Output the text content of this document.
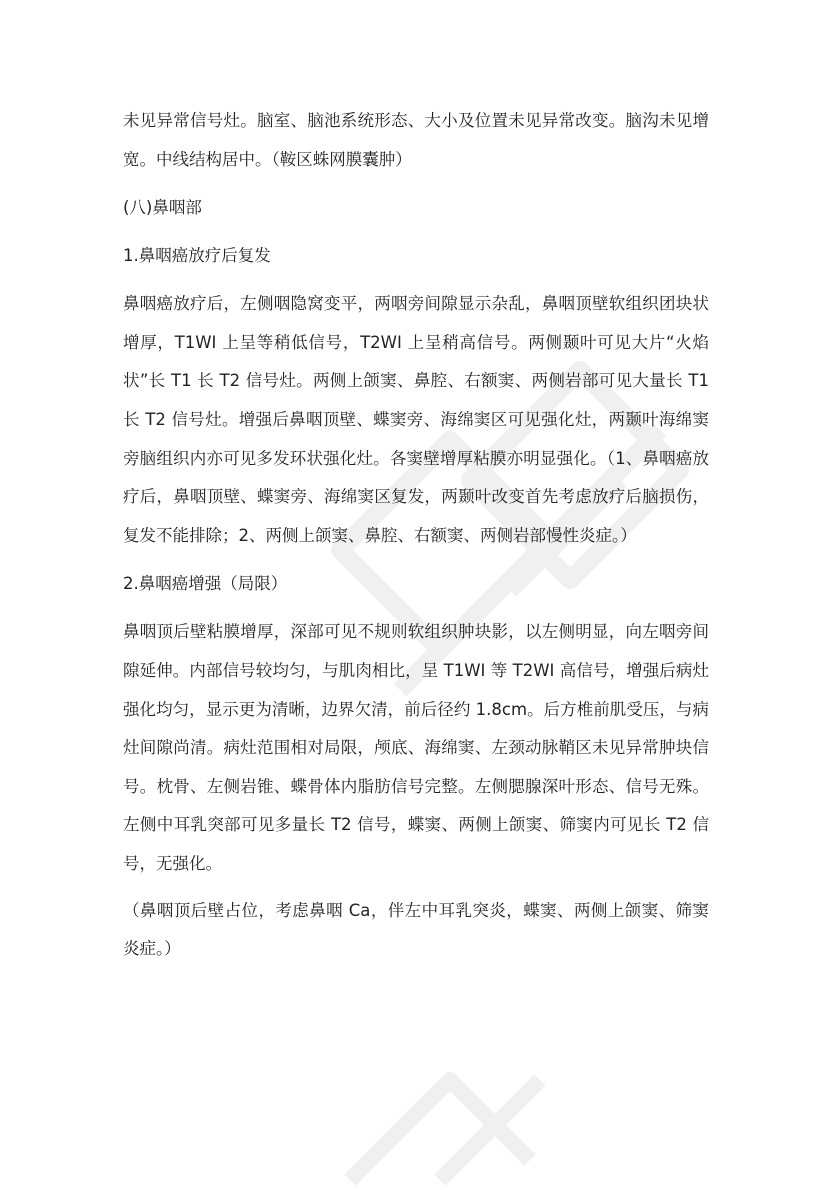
未见异常信号灶。脑室、脑池系统形态、大小及位置未见异常改变。脑沟未见增宽。中线结构居中。（鞍区蛛网膜囊肿）

(八)鼻咽部

1.鼻咽癌放疗后复发

鼻咽癌放疗后，左侧咽隐窝变平，两咽旁间隙显示杂乱，鼻咽顶壁软组织团块状增厚，T1WI 上呈等稍低信号，T2WI 上呈稍高信号。两侧颞叶可见大片“火焰状”长 T1 长 T2 信号灶。两侧上颌窦、鼻腔、右额窦、两侧岩部可见大量长 T1 长 T2 信号灶。增强后鼻咽顶壁、蝶窦旁、海绵窦区可见强化灶，两颞叶海绵窦旁脑组织内亦可见多发环状强化灶。各窦壁增厚粘膜亦明显强化。（1、鼻咽癌放疗后，鼻咽顶壁、蝶窦旁、海绵窦区复发，两颞叶改变首先考虑放疗后脑损伤，复发不能排除；2、两侧上颌窦、鼻腔、右额窦、两侧岩部慢性炎症。）

2.鼻咽癌增强（局限）

鼻咽顶后壁粘膜增厚，深部可见不规则软组织肿块影，以左侧明显，向左咽旁间隙延伸。内部信号较均匀，与肌肉相比，呈 T1WI 等 T2WI 高信号，增强后病灶强化均匀，显示更为清晰，边界欠清，前后径约 1.8cm。后方椎前肌受压，与病灶间隙尚清。病灶范围相对局限，颅底、海绵窦、左颈动脉鞘区未见异常肿块信号。枕骨、左侧岩锥、蝶骨体内脂肪信号完整。左侧腮腺深叶形态、信号无殊。左侧中耳乳突部可见多量长 T2 信号，蝶窦、两侧上颌窦、筛窦内可见长 T2 信号，无强化。

（鼻咽顶后壁占位，考虑鼻咽 Ca，伴左中耳乳突炎，蝶窦、两侧上颌窦、筛窦炎症。）
